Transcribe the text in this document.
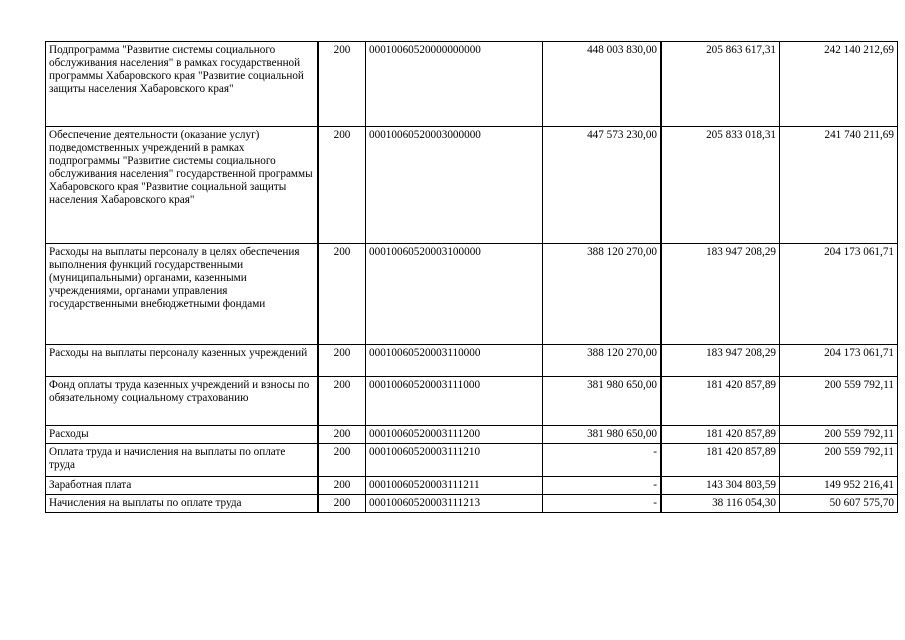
Подпрограмма "Развитие системы социального обслуживания населения" в рамках государственной программы Хабаровского края "Развитие социальной защиты населения Хабаровского края"	200	00010060520000000000	448 003 830,00	205 863 617,31	242 140 212,69
Обеспечение деятельности (оказание услуг) подведомственных учреждений в рамках подпрограммы "Развитие системы социального обслуживания населения" государственной программы Хабаровского края "Развитие социальной защиты населения Хабаровского края"	200	00010060520003000000	447 573 230,00	205 833 018,31	241 740 211,69
Расходы на выплаты персоналу в целях обеспечения выполнения функций государственными (муниципальными) органами, казенными учреждениями, органами управления государственными внебюджетными фондами	200	00010060520003100000	388 120 270,00	183 947 208,29	204 173 061,71
Расходы на выплаты персоналу казенных учреждений	200	00010060520003110000	388 120 270,00	183 947 208,29	204 173 061,71
Фонд оплаты труда казенных учреждений и взносы по обязательному социальному страхованию	200	00010060520003111000	381 980 650,00	181 420 857,89	200 559 792,11
Расходы	200	00010060520003111200	381 980 650,00	181 420 857,89	200 559 792,11
Оплата труда и начисления на выплаты по оплате труда	200	00010060520003111210	-	181 420 857,89	200 559 792,11
Заработная плата	200	00010060520003111211	-	143 304 803,59	149 952 216,41
Начисления на выплаты по оплате труда	200	00010060520003111213	-	38 116 054,30	50 607 575,70
